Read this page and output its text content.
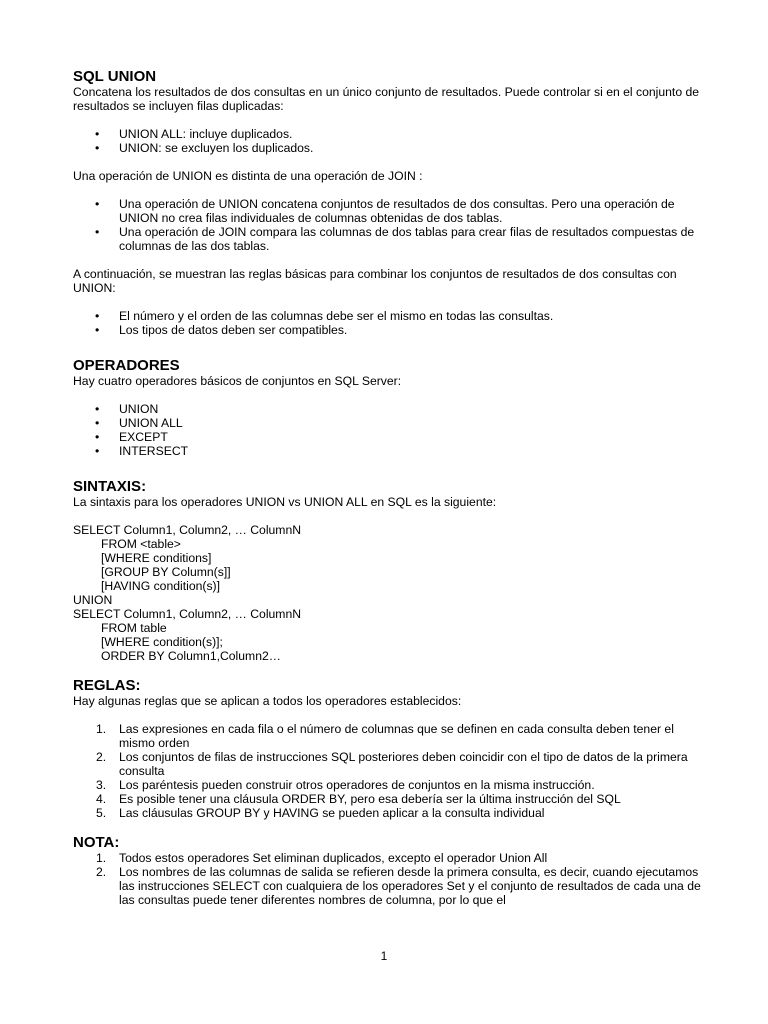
SQL UNION

Concatena los resultados de dos consultas en un único conjunto de resultados. Puede controlar si en el conjunto de resultados se incluyen filas duplicadas:

• UNION ALL: incluye duplicados.
• UNION: se excluyen los duplicados.

Una operación de UNION es distinta de una operación de JOIN :

• Una operación de UNION concatena conjuntos de resultados de dos consultas. Pero una operación de UNION no crea filas individuales de columnas obtenidas de dos tablas.
• Una operación de JOIN compara las columnas de dos tablas para crear filas de resultados compuestas de columnas de las dos tablas.

A continuación, se muestran las reglas básicas para combinar los conjuntos de resultados de dos consultas con UNION:

• El número y el orden de las columnas debe ser el mismo en todas las consultas.
• Los tipos de datos deben ser compatibles.
OPERADORES

Hay cuatro operadores básicos de conjuntos en SQL Server:

• UNION
• UNION ALL
• EXCEPT
• INTERSECT
SINTAXIS:

La sintaxis para los operadores UNION vs UNION ALL en SQL es la siguiente:

SELECT Column1, Column2, … ColumnN
FROM <table>
[WHERE conditions]
[GROUP BY Column(s]]
[HAVING condition(s)]
UNION
SELECT Column1, Column2, … ColumnN
FROM table
[WHERE condition(s)];
ORDER BY Column1,Column2…
REGLAS:

Hay algunas reglas que se aplican a todos los operadores establecidos:

1. Las expresiones en cada fila o el número de columnas que se definen en cada consulta deben tener el mismo orden
2. Los conjuntos de filas de instrucciones SQL posteriores deben coincidir con el tipo de datos de la primera consulta
3. Los paréntesis pueden construir otros operadores de conjuntos en la misma instrucción.
4. Es posible tener una cláusula ORDER BY, pero esa debería ser la última instrucción del SQL
5. Las cláusulas GROUP BY y HAVING se pueden aplicar a la consulta individual
NOTA:
1. Todos estos operadores Set eliminan duplicados, excepto el operador Union All
2. Los nombres de las columnas de salida se refieren desde la primera consulta, es decir, cuando ejecutamos las instrucciones SELECT con cualquiera de los operadores Set y el conjunto de resultados de cada una de las consultas puede tener diferentes nombres de columna, por lo que el
1
